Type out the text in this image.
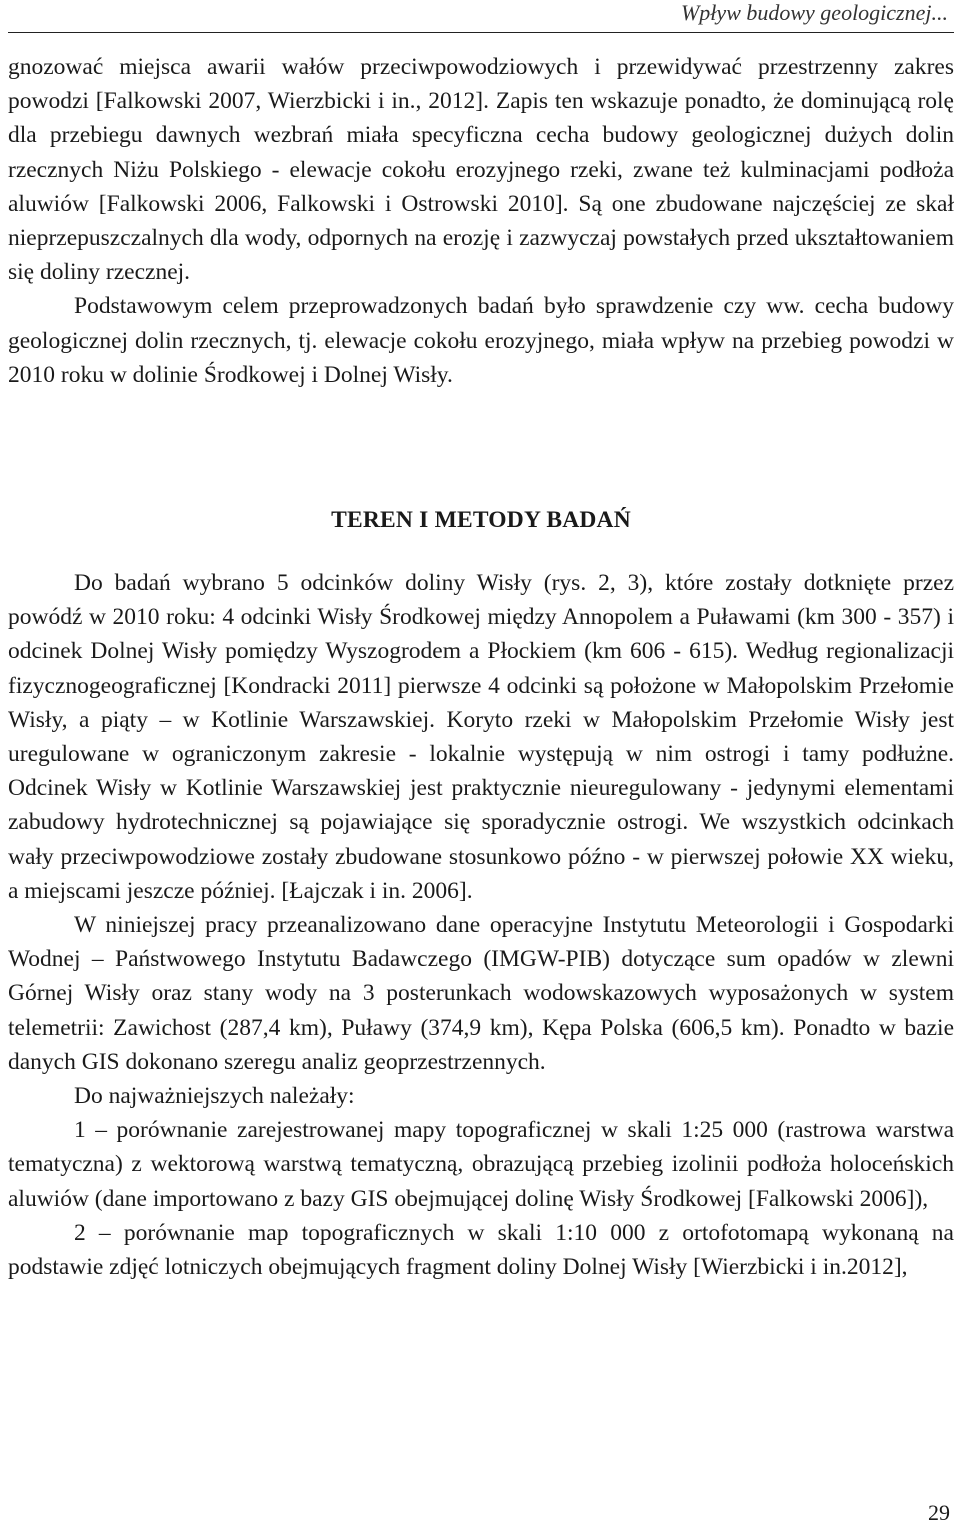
Wpływ budowy geologicznej...

gnozować miejsca awarii wałów przeciwpowodziowych i przewidywać przestrzenny zakres powodzi [Falkowski 2007, Wierzbicki i in., 2012]. Zapis ten wskazuje ponadto, że dominującą rolę dla przebiegu dawnych wezbrań miała specyficzna cecha budowy geologicznej dużych dolin rzecznych Niżu Polskiego - elewacje cokołu erozyjnego rzeki, zwane też kulminacjami podłoża aluwiów [Falkowski 2006, Falkowski i Ostrowski 2010]. Są one zbudowane najczęściej ze skał nieprzepuszczalnych dla wody, odpornych na erozję i zazwyczaj powstałych przed ukształtowaniem się doliny rzecznej.

Podstawowym celem przeprowadzonych badań było sprawdzenie czy ww. cecha budowy geologicznej dolin rzecznych, tj. elewacje cokołu erozyjnego, miała wpływ na przebieg powodzi w 2010 roku w dolinie Środkowej i Dolnej Wisły.

TEREN I METODY BADAŃ

Do badań wybrano 5 odcinków doliny Wisły (rys. 2, 3), które zostały dotknięte przez powódź w 2010 roku: 4 odcinki Wisły Środkowej między Annopolem a Puławami (km 300 - 357) i odcinek Dolnej Wisły pomiędzy Wyszogrodem a Płockiem (km 606 - 615). Według regionalizacji fizycznogeograficznej [Kondracki 2011] pierwsze 4 odcinki są położone w Małopolskim Przełomie Wisły, a piąty – w Kotlinie Warszawskiej. Koryto rzeki w Małopolskim Przełomie Wisły jest uregulowane w ograniczonym zakresie - lokalnie występują w nim ostrogi i tamy podłużne. Odcinek Wisły w Kotlinie Warszawskiej jest praktycznie nieuregulowany - jedynymi elementami zabudowy hydrotechnicznej są pojawiające się sporadycznie ostrogi. We wszystkich odcinkach wały przeciwpowodziowe zostały zbudowane stosunkowo późno - w pierwszej połowie XX wieku, a miejscami jeszcze później. [Łajczak i in. 2006].

W niniejszej pracy przeanalizowano dane operacyjne Instytutu Meteorologii i Gospodarki Wodnej – Państwowego Instytutu Badawczego (IMGW-PIB) dotyczące sum opadów w zlewni Górnej Wisły oraz stany wody na 3 posterunkach wodowskazowych wyposażonych w system telemetrii: Zawichost (287,4 km), Puławy (374,9 km), Kępa Polska (606,5 km). Ponadto w bazie danych GIS dokonano szeregu analiz geoprzestrzennych.

Do najważniejszych należały:

1 – porównanie zarejestrowanej mapy topograficznej w skali 1:25 000 (rastrowa warstwa tematyczna) z wektorową warstwą tematyczną, obrazującą przebieg izolinii podłoża holoceńskich aluwiów (dane importowano z bazy GIS obejmującej dolinę Wisły Środkowej [Falkowski 2006]),

2 – porównanie map topograficznych w skali 1:10 000 z ortofotomapą wykonaną na podstawie zdjęć lotniczych obejmujących fragment doliny Dolnej Wisły [Wierzbicki i in.2012],

29
